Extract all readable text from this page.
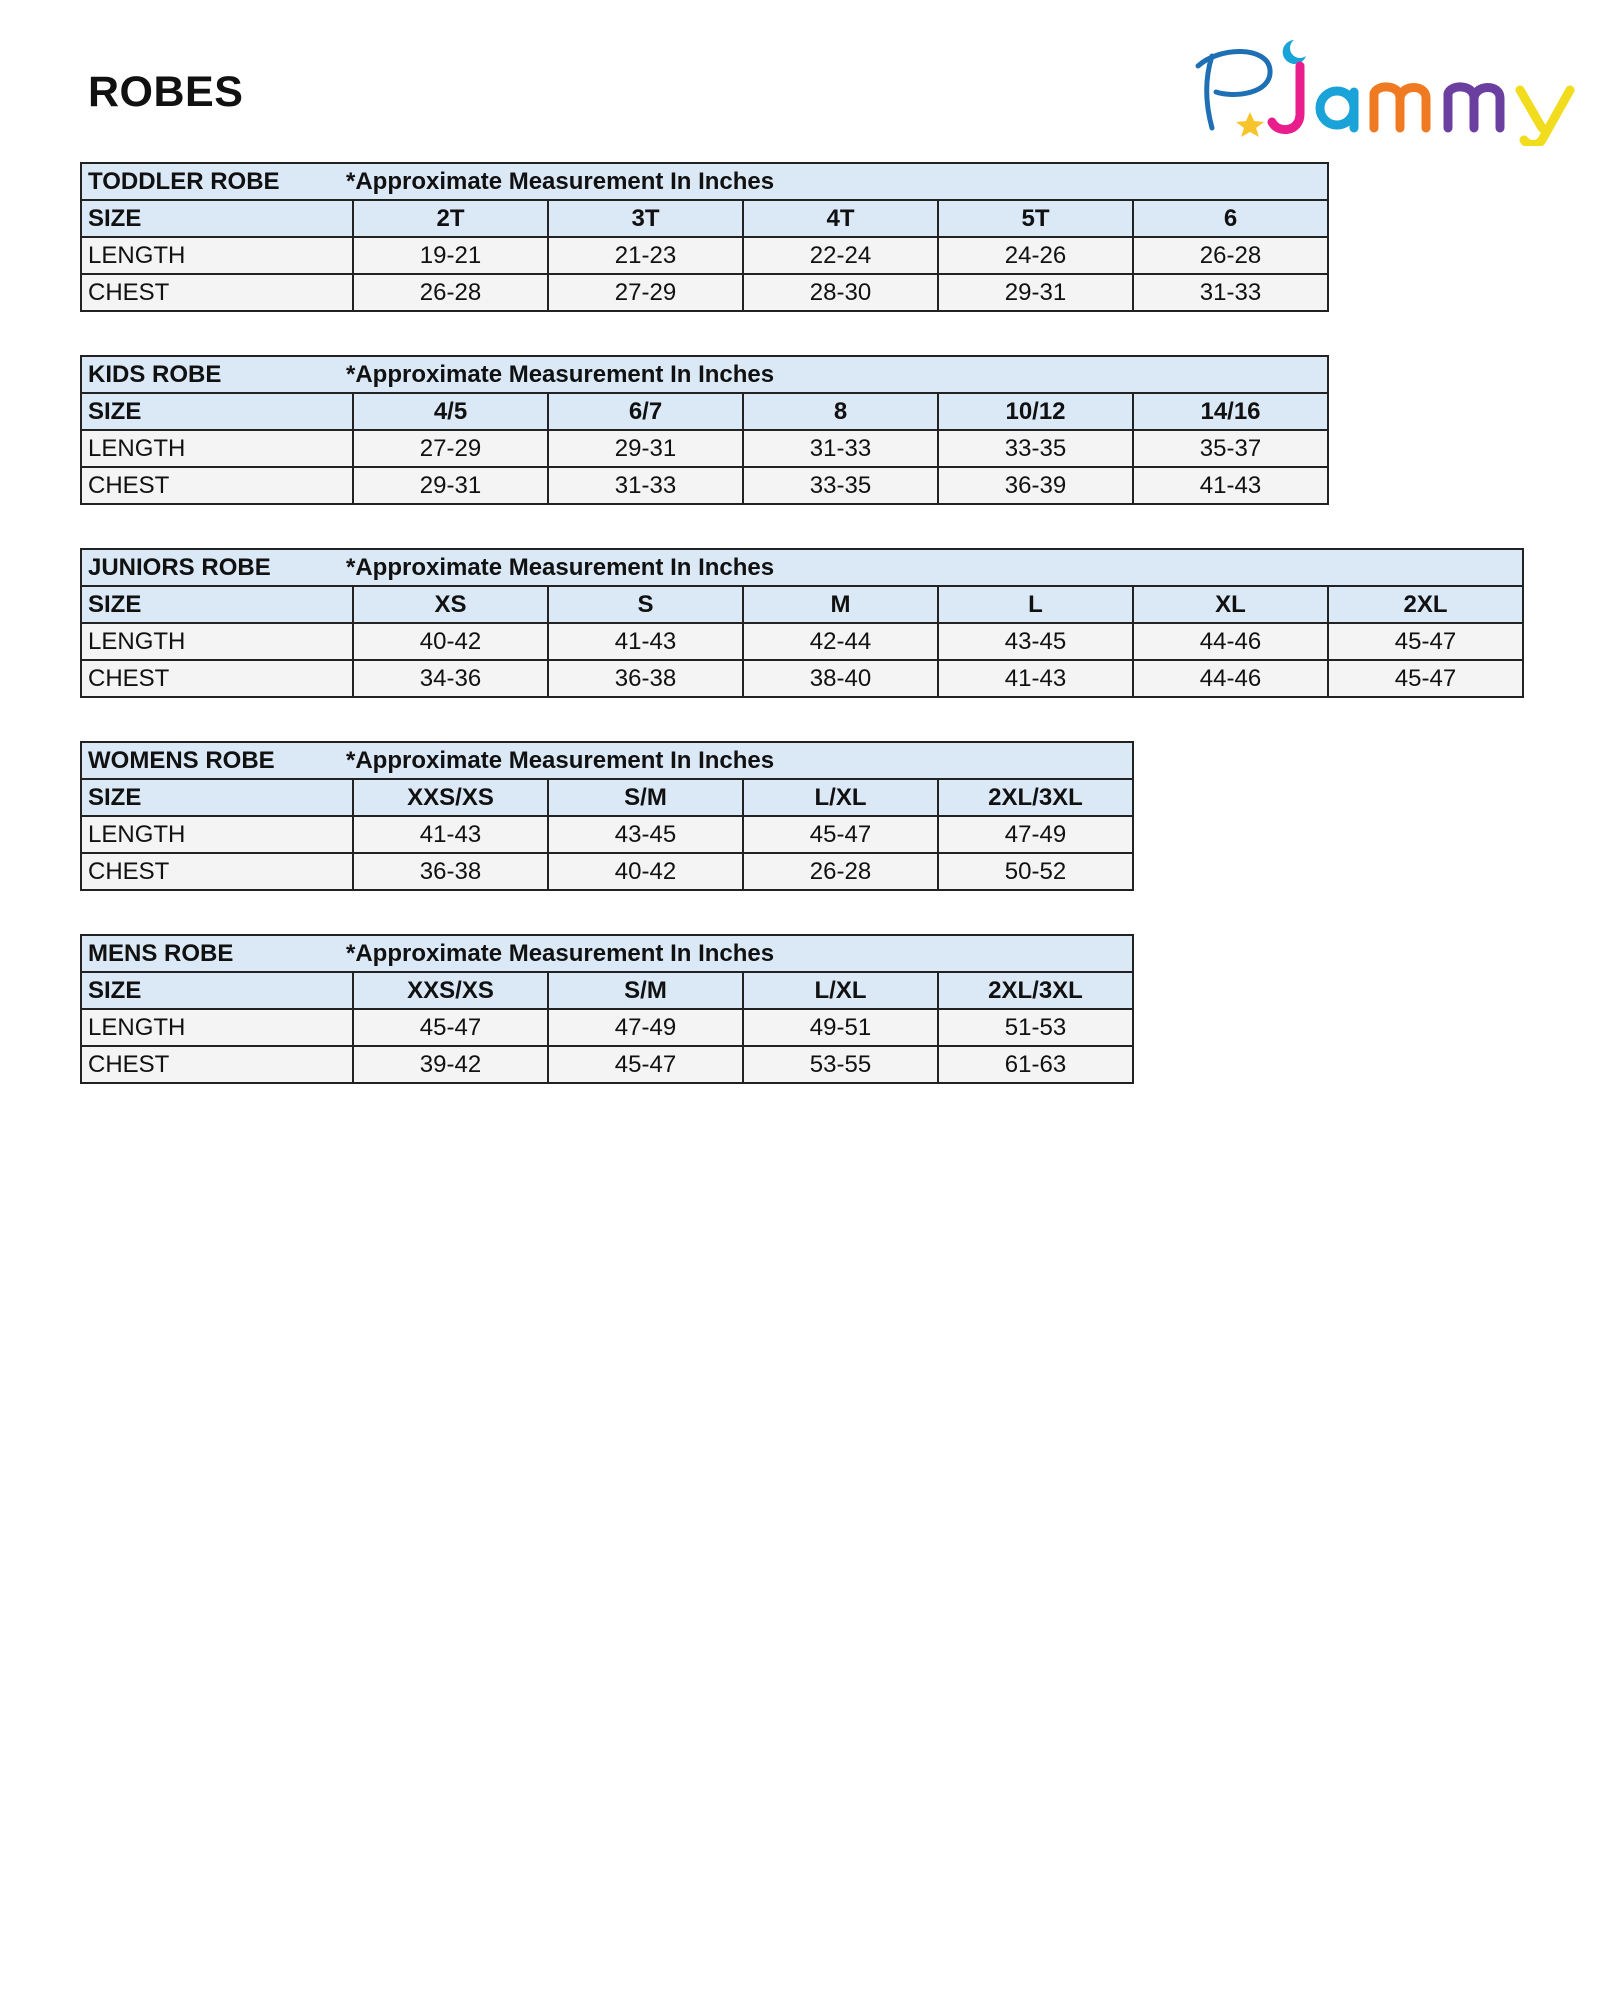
ROBES
TODDLER ROBE *Approximate Measurement In Inches					
SIZE	2T	3T	4T	5T	6
LENGTH	19-21	21-23	22-24	24-26	26-28
CHEST	26-28	27-29	28-30	29-31	31-33
KIDS ROBE *Approximate Measurement In Inches					
SIZE	4/5	6/7	8	10/12	14/16
LENGTH	27-29	29-31	31-33	33-35	35-37
CHEST	29-31	31-33	33-35	36-39	41-43
JUNIORS ROBE *Approximate Measurement In Inches						
SIZE	XS	S	M	L	XL	2XL
LENGTH	40-42	41-43	42-44	43-45	44-46	45-47
CHEST	34-36	36-38	38-40	41-43	44-46	45-47
WOMENS ROBE *Approximate Measurement In Inches				
SIZE	XXS/XS	S/M	L/XL	2XL/3XL
LENGTH	41-43	43-45	45-47	47-49
CHEST	36-38	40-42	26-28	50-52
MENS ROBE *Approximate Measurement In Inches				
SIZE	XXS/XS	S/M	L/XL	2XL/3XL
LENGTH	45-47	47-49	49-51	51-53
CHEST	39-42	45-47	53-55	61-63
